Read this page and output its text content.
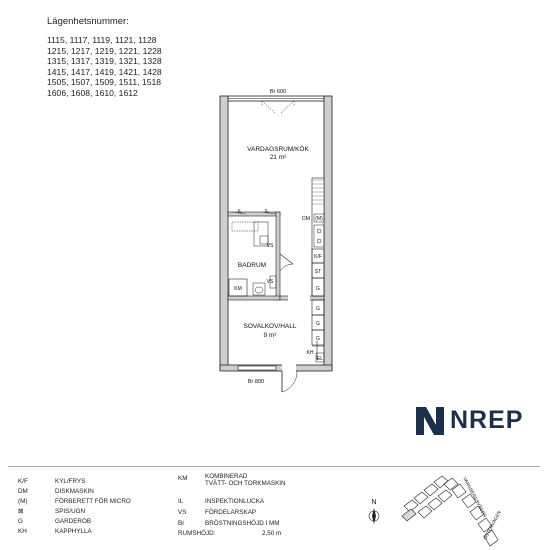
Lägenhetsnummer:
1115, 1117, 1119, 1121, 1128
1215, 1217, 1219, 1221, 1228
1315, 1317, 1319, 1321, 1328
1415, 1417, 1419, 1421, 1428
1505, 1507, 1509, 1511, 1518
1606, 1608, 1610, 1612	Br 600
Br 800
VARDAGSRUM/KÖK
21 m²
BADRUM
SOVALKOV/HALL
9 m²
IL	IL
DM (M)
K/F
ST
G
G
G
G
VS
VS
KM
KH
EL
NREP
K/F	KYL/FRYS
DM	DISKMASKIN
(M)	FÖRBERETT FÖR MICRO
⊠	SPIS/UGN
G	GARDEROB
KH	KAPPHYLLA
KM	KOMBINERAD
TVÄTT- OCH TORKMASKIN
IL	INSPEKTIONLUCKA
VS	FÖRDELARSKAP
Br	BRÖSTNINGSHÖJD I MM
RUMSHÖJD:	2,50 m
N	VARGBERGSVÄGEN
ÖSTERVÄGEN
